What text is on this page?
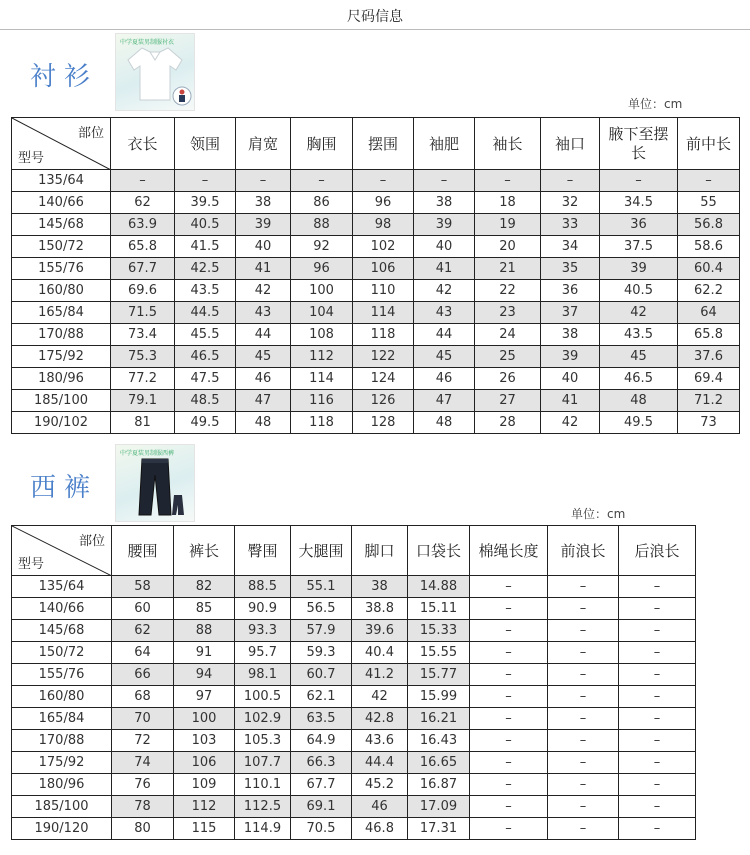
尺码信息
衬衫
中学夏装男制服衬衣
单位：cm
部位
型号	衣长	领围	肩宽	胸围	摆围	袖肥	袖长	袖口	腋下至摆长	前中长
135/64	–	–	–	–	–	–	–	–	–	–
140/66	62	39.5	38	86	96	38	18	32	34.5	55
145/68	63.9	40.5	39	88	98	39	19	33	36	56.8
150/72	65.8	41.5	40	92	102	40	20	34	37.5	58.6
155/76	67.7	42.5	41	96	106	41	21	35	39	60.4
160/80	69.6	43.5	42	100	110	42	22	36	40.5	62.2
165/84	71.5	44.5	43	104	114	43	23	37	42	64
170/88	73.4	45.5	44	108	118	44	24	38	43.5	65.8
175/92	75.3	46.5	45	112	122	45	25	39	45	37.6
180/96	77.2	47.5	46	114	124	46	26	40	46.5	69.4
185/100	79.1	48.5	47	116	126	47	27	41	48	71.2
190/102	81	49.5	48	118	128	48	28	42	49.5	73
西裤
中学夏装男制服西裤
单位：cm
部位
型号	腰围	裤长	臀围	大腿围	脚口	口袋长	棉绳长度	前浪长	后浪长
135/64	58	82	88.5	55.1	38	14.88	–	–	–
140/66	60	85	90.9	56.5	38.8	15.11	–	–	–
145/68	62	88	93.3	57.9	39.6	15.33	–	–	–
150/72	64	91	95.7	59.3	40.4	15.55	–	–	–
155/76	66	94	98.1	60.7	41.2	15.77	–	–	–
160/80	68	97	100.5	62.1	42	15.99	–	–	–
165/84	70	100	102.9	63.5	42.8	16.21	–	–	–
170/88	72	103	105.3	64.9	43.6	16.43	–	–	–
175/92	74	106	107.7	66.3	44.4	16.65	–	–	–
180/96	76	109	110.1	67.7	45.2	16.87	–	–	–
185/100	78	112	112.5	69.1	46	17.09	–	–	–
190/120	80	115	114.9	70.5	46.8	17.31	–	–	–
